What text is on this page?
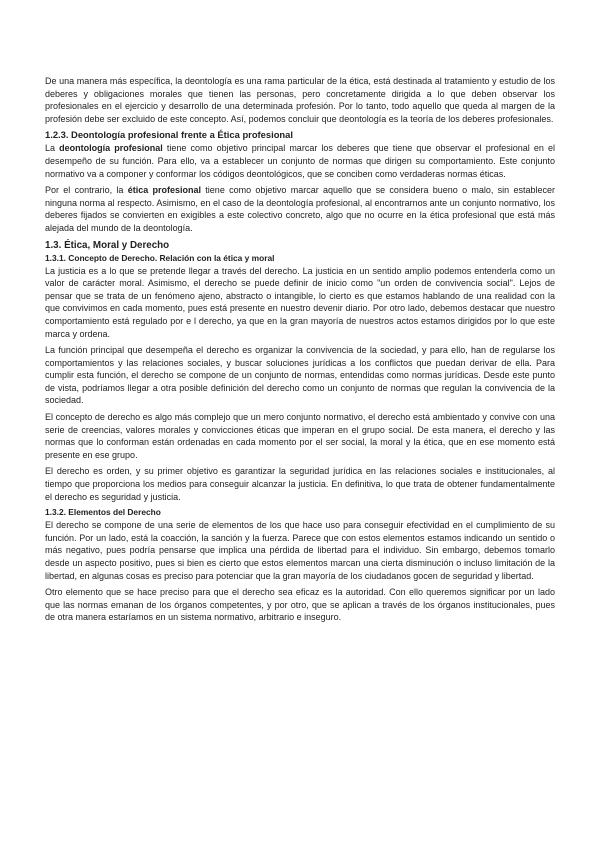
De una manera más específica, la deontología es una rama particular de la ética, está destinada al tratamiento y estudio de los deberes y obligaciones morales que tienen las personas, pero concretamente dirigida a lo que deben observar los profesionales en el ejercicio y desarrollo de una determinada profesión. Por lo tanto, todo aquello que queda al margen de la profesión debe ser excluido de este concepto. Así, podemos concluir que deontología es la teoría de los deberes profesionales.

1.2.3. Deontología profesional frente a Ética profesional

La deontología profesional tiene como objetivo principal marcar los deberes que tiene que observar el profesional en el desempeño de su función. Para ello, va a establecer un conjunto de normas que dirigen su comportamiento. Este conjunto normativo va a componer y conformar los códigos deontológicos, que se conciben como verdaderas normas éticas.

Por el contrario, la ética profesional tiene como objetivo marcar aquello que se considera bueno o malo, sin establecer ninguna norma al respecto. Asimismo, en el caso de la deontología profesional, al encontrarnos ante un conjunto normativo, los deberes fijados se convierten en exigibles a este colectivo concreto, algo que no ocurre en la ética profesional que está más alejada del mundo de la deontología.

1.3. Ética, Moral y Derecho
1.3.1. Concepto de Derecho. Relación con la ética y moral

La justicia es a lo que se pretende llegar a través del derecho. La justicia en un sentido amplio podemos entenderla como un valor de carácter moral. Asimismo, el derecho se puede definir de inicio como "un orden de convivencia social". Lejos de pensar que se trata de un fenómeno ajeno, abstracto o intangible, lo cierto es que estamos hablando de una realidad con la que convivimos en cada momento, pues está presente en nuestro devenir diario. Por otro lado, debemos destacar que nuestro comportamiento está regulado por e l derecho, ya que en la gran mayoría de nuestros actos estamos dirigidos por lo que este marca y ordena.

La función principal que desempeña el derecho es organizar la convivencia de la sociedad, y para ello, han de regularse los comportamientos y las relaciones sociales, y buscar soluciones jurídicas a los conflictos que puedan derivar de ella. Para cumplir esta función, el derecho se compone de un conjunto de normas, entendidas como normas jurídicas. Desde este punto de vista, podríamos llegar a otra posible definición del derecho como un conjunto de normas que regulan la convivencia de la sociedad.

El concepto de derecho es algo más complejo que un mero conjunto normativo, el derecho está ambientado y convive con una serie de creencias, valores morales y convicciones éticas que imperan en el grupo social. De esta manera, el derecho y las normas que lo conforman están ordenadas en cada momento por el ser social, la moral y la ética, que en ese momento está presente en ese grupo.

El derecho es orden, y su primer objetivo es garantizar la seguridad jurídica en las relaciones sociales e institucionales, al tiempo que proporciona los medios para conseguir alcanzar la justicia. En definitiva, lo que trata de obtener fundamentalmente el derecho es seguridad y justicia.

1.3.2. Elementos del Derecho

El derecho se compone de una serie de elementos de los que hace uso para conseguir efectividad en el cumplimiento de su función. Por un lado, está la coacción, la sanción y la fuerza. Parece que con estos elementos estamos indicando un sentido o más negativo, pues podría pensarse que implica una pérdida de libertad para el individuo. Sin embargo, debemos tomarlo desde un aspecto positivo, pues si bien es cierto que estos elementos marcan una cierta disminución o incluso limitación de la libertad, en algunas cosas es preciso para potenciar que la gran mayoría de los ciudadanos gocen de seguridad y libertad.

Otro elemento que se hace preciso para que el derecho sea eficaz es la autoridad. Con ello queremos significar por un lado que las normas emanan de los órganos competentes, y por otro, que se aplican a través de los órganos institucionales, pues de otra manera estaríamos en un sistema normativo, arbitrario e inseguro.
